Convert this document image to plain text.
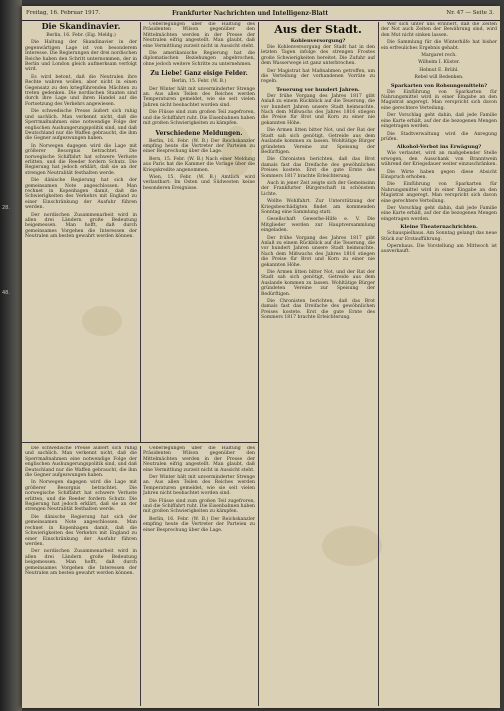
28.
48.
Freitag, 16. Februar 1917.	Frankfurter Nachrichten und Intelligenz-Blatt	Nr. 47 — Seite 3.
Die Skandinavier.

Berlin, 16. Febr. (Eig. Meldg.)

Die Haltung der Skandinavier in der gegenwärtigen Lage ist von besonderem Interesse. Die Regierungen der drei nordischen Reiche haben den Schritt unternommen, der in Berlin und London gleich aufmerksam verfolgt wird.

Es wird betont, daß die Neutralen ihre Rechte wahren wollen, aber nicht in einen Gegensatz zu den kriegführenden Mächten zu treten gedenken. Die nordischen Staaten sind durch ihre Lage und ihren Handel auf die Fortsetzung des Verkehrs angewiesen.

Die schwedische Presse äußert sich ruhig und sachlich. Man verkennt nicht, daß die Sperrmaßnahmen eine notwendige Folge der englischen Aushungerungspolitik sind, und daß Deutschland nur die Waffen gebraucht, die ihm die Gegner aufgezwungen haben.

In Norwegen dagegen wird die Lage mit größerer Besorgnis betrachtet. Die norwegische Schiffahrt hat schwere Verluste erlitten, und die Reeder fordern Schutz. Die Regierung hat jedoch erklärt, daß sie an der strengen Neutralität festhalten werde.

Die dänische Regierung hat sich der gemeinsamen Note angeschlossen. Man rechnet in Kopenhagen damit, daß die Schwierigkeiten des Verkehrs mit England zu einer Einschränkung der Ausfuhr führen werden.

Der nordischen Zusammenarbeit wird in allen drei Ländern große Bedeutung beigemessen. Man hofft, daß durch gemeinsames Vorgehen die Interessen der Neutralen am besten gewahrt werden können.

Ueberlegungen über die Haltung des Präsidenten Wilson gegenüber den Mittelmächten werden in der Presse der Neutralen eifrig angestellt. Man glaubt, daß eine Vermittlung zurzeit nicht in Aussicht steht.

Die amerikanische Regierung hat die diplomatischen Beziehungen abgebrochen, ohne jedoch weitere Schritte zu unternehmen.

Zu Liebe! Ganz eisige Felder.

Berlin, 15. Febr. (W. B.)

Der Winter hält mit unverminderter Strenge an. Aus allen Teilen des Reiches werden Temperaturen gemeldet, wie sie seit vielen Jahren nicht beobachtet worden sind.

Die Flüsse sind zum großen Teil zugefroren, und die Schiffahrt ruht. Die Eisenbahnen haben mit großen Schwierigkeiten zu kämpfen.

Verschiedene Meldungen.

Berlin, 16. Febr. (W. B.) Der Reichskanzler empfing heute die Vertreter der Parteien zu einer Besprechung über die Lage.

Bern, 15. Febr. (W. B.) Nach einer Meldung aus Paris hat die Kammer die Vorlage über die Kriegskredite angenommen.

Wien, 15. Febr. (W. B.) Amtlich wird verlautbart: Im Osten und Südwesten keine besonderen Ereignisse.

Die schwedische Presse äußert sich ruhig und sachlich. Man verkennt nicht, daß die Sperrmaßnahmen eine notwendige Folge der englischen Aushungerungspolitik sind, und daß Deutschland nur die Waffen gebraucht, die ihm die Gegner aufgezwungen haben.

In Norwegen dagegen wird die Lage mit größerer Besorgnis betrachtet. Die norwegische Schiffahrt hat schwere Verluste erlitten, und die Reeder fordern Schutz. Die Regierung hat jedoch erklärt, daß sie an der strengen Neutralität festhalten werde.

Die dänische Regierung hat sich der gemeinsamen Note angeschlossen. Man rechnet in Kopenhagen damit, daß die Schwierigkeiten des Verkehrs mit England zu einer Einschränkung der Ausfuhr führen werden.

Der nordischen Zusammenarbeit wird in allen drei Ländern große Bedeutung beigemessen. Man hofft, daß durch gemeinsames Vorgehen die Interessen der Neutralen am besten gewahrt werden können.

Ueberlegungen über die Haltung des Präsidenten Wilson gegenüber den Mittelmächten werden in der Presse der Neutralen eifrig angestellt. Man glaubt, daß eine Vermittlung zurzeit nicht in Aussicht steht.

Der Winter hält mit unverminderter Strenge an. Aus allen Teilen des Reiches werden Temperaturen gemeldet, wie sie seit vielen Jahren nicht beobachtet worden sind.

Die Flüsse sind zum großen Teil zugefroren, und die Schiffahrt ruht. Die Eisenbahnen haben mit großen Schwierigkeiten zu kämpfen.

Berlin, 16. Febr. (W. B.) Der Reichskanzler empfing heute die Vertreter der Parteien zu einer Besprechung über die Lage.

Aus der Stadt.
Kohlenversorgung?

Die Kohlenversorgung der Stadt hat in den letzten Tagen infolge des strengen Frostes große Schwierigkeiten bereitet. Die Zufuhr auf dem Wasserwege ist ganz unterbrochen.

Der Magistrat hat Maßnahmen getroffen, um die Verteilung der vorhandenen Vorräte zu regeln.

Teuerung vor hundert Jahren.

Der frühe Vorgang des Jahres 1817 gibt Anlaß zu einem Rückblick auf die Teuerung, die vor hundert Jahren unsere Stadt heimsuchte. Nach dem Mißwachs des Jahres 1816 stiegen die Preise für Brot und Korn zu einer nie gekannten Höhe.

Die Armen litten bitter Not, und der Rat der Stadt sah sich genötigt, Getreide aus dem Auslande kommen zu lassen. Wohltätige Bürger gründeten Vereine zur Speisung der Bedürftigen.

Die Chronisten berichten, daß das Brot damals fast das Dreifache des gewöhnlichen Preises kostete. Erst die gute Ernte des Sommers 1817 brachte Erleichterung.

Auch in jener Zeit zeigte sich der Gemeinsinn der Frankfurter Bürgerschaft in schönstem Lichte.

Wollte Wohlfahrt. Zur Unterstützung der Kriegsbeschädigten findet am kommenden Sonntag eine Sammlung statt.

Gesellschaft Gewerbe-Hilfe e. V. Die Mitglieder werden zur Hauptversammlung eingeladen.

Der frühe Vorgang des Jahres 1817 gibt Anlaß zu einem Rückblick auf die Teuerung, die vor hundert Jahren unsere Stadt heimsuchte. Nach dem Mißwachs des Jahres 1816 stiegen die Preise für Brot und Korn zu einer nie gekannten Höhe.

Die Armen litten bitter Not, und der Rat der Stadt sah sich genötigt, Getreide aus dem Auslande kommen zu lassen. Wohltätige Bürger gründeten Vereine zur Speisung der Bedürftigen.

Die Chronisten berichten, daß das Brot damals fast das Dreifache des gewöhnlichen Preises kostete. Erst die gute Ernte des Sommers 1817 brachte Erleichterung.

Wer sich unter uns erinnert, daß die Zeiten der Not auch Zeiten der Bewährung sind, wird den Mut nicht sinken lassen.

Die Sammlung für die Winterhilfe hat bisher ein erfreuliches Ergebnis gehabt.

Margaret rech.

Wilhelm I. Küster.

Helmut E. Brühl.

Rebel will Bedenken.

Sparkarten von Rohsungemitteln?

Die Einführung von Sparkarten für Nahrungsmittel wird in einer Eingabe an den Magistrat angeregt. Man verspricht sich davon eine gerechtere Verteilung.

Der Vorschlag geht dahin, daß jede Familie eine Karte erhält, auf der die bezogenen Mengen eingetragen werden.

Die Stadtverwaltung wird die Anregung prüfen.

Alkohol-Verbot ins Erwägung?

Wie verlautet, wird an maßgebender Stelle erwogen, den Ausschank von Branntwein während der Kriegsdauer weiter einzuschränken.

Die Wirte haben gegen diese Absicht Einspruch erhoben.

Die Einführung von Sparkarten für Nahrungsmittel wird in einer Eingabe an den Magistrat angeregt. Man verspricht sich davon eine gerechtere Verteilung.

Der Vorschlag geht dahin, daß jede Familie eine Karte erhält, auf der die bezogenen Mengen eingetragen werden.

Kleine Theaternachrichten.

Schauspielhaus. Am Sonntag gelangt das neue Stück zur Erstaufführung.

Opernhaus. Die Vorstellung am Mittwoch ist ausverkauft.
